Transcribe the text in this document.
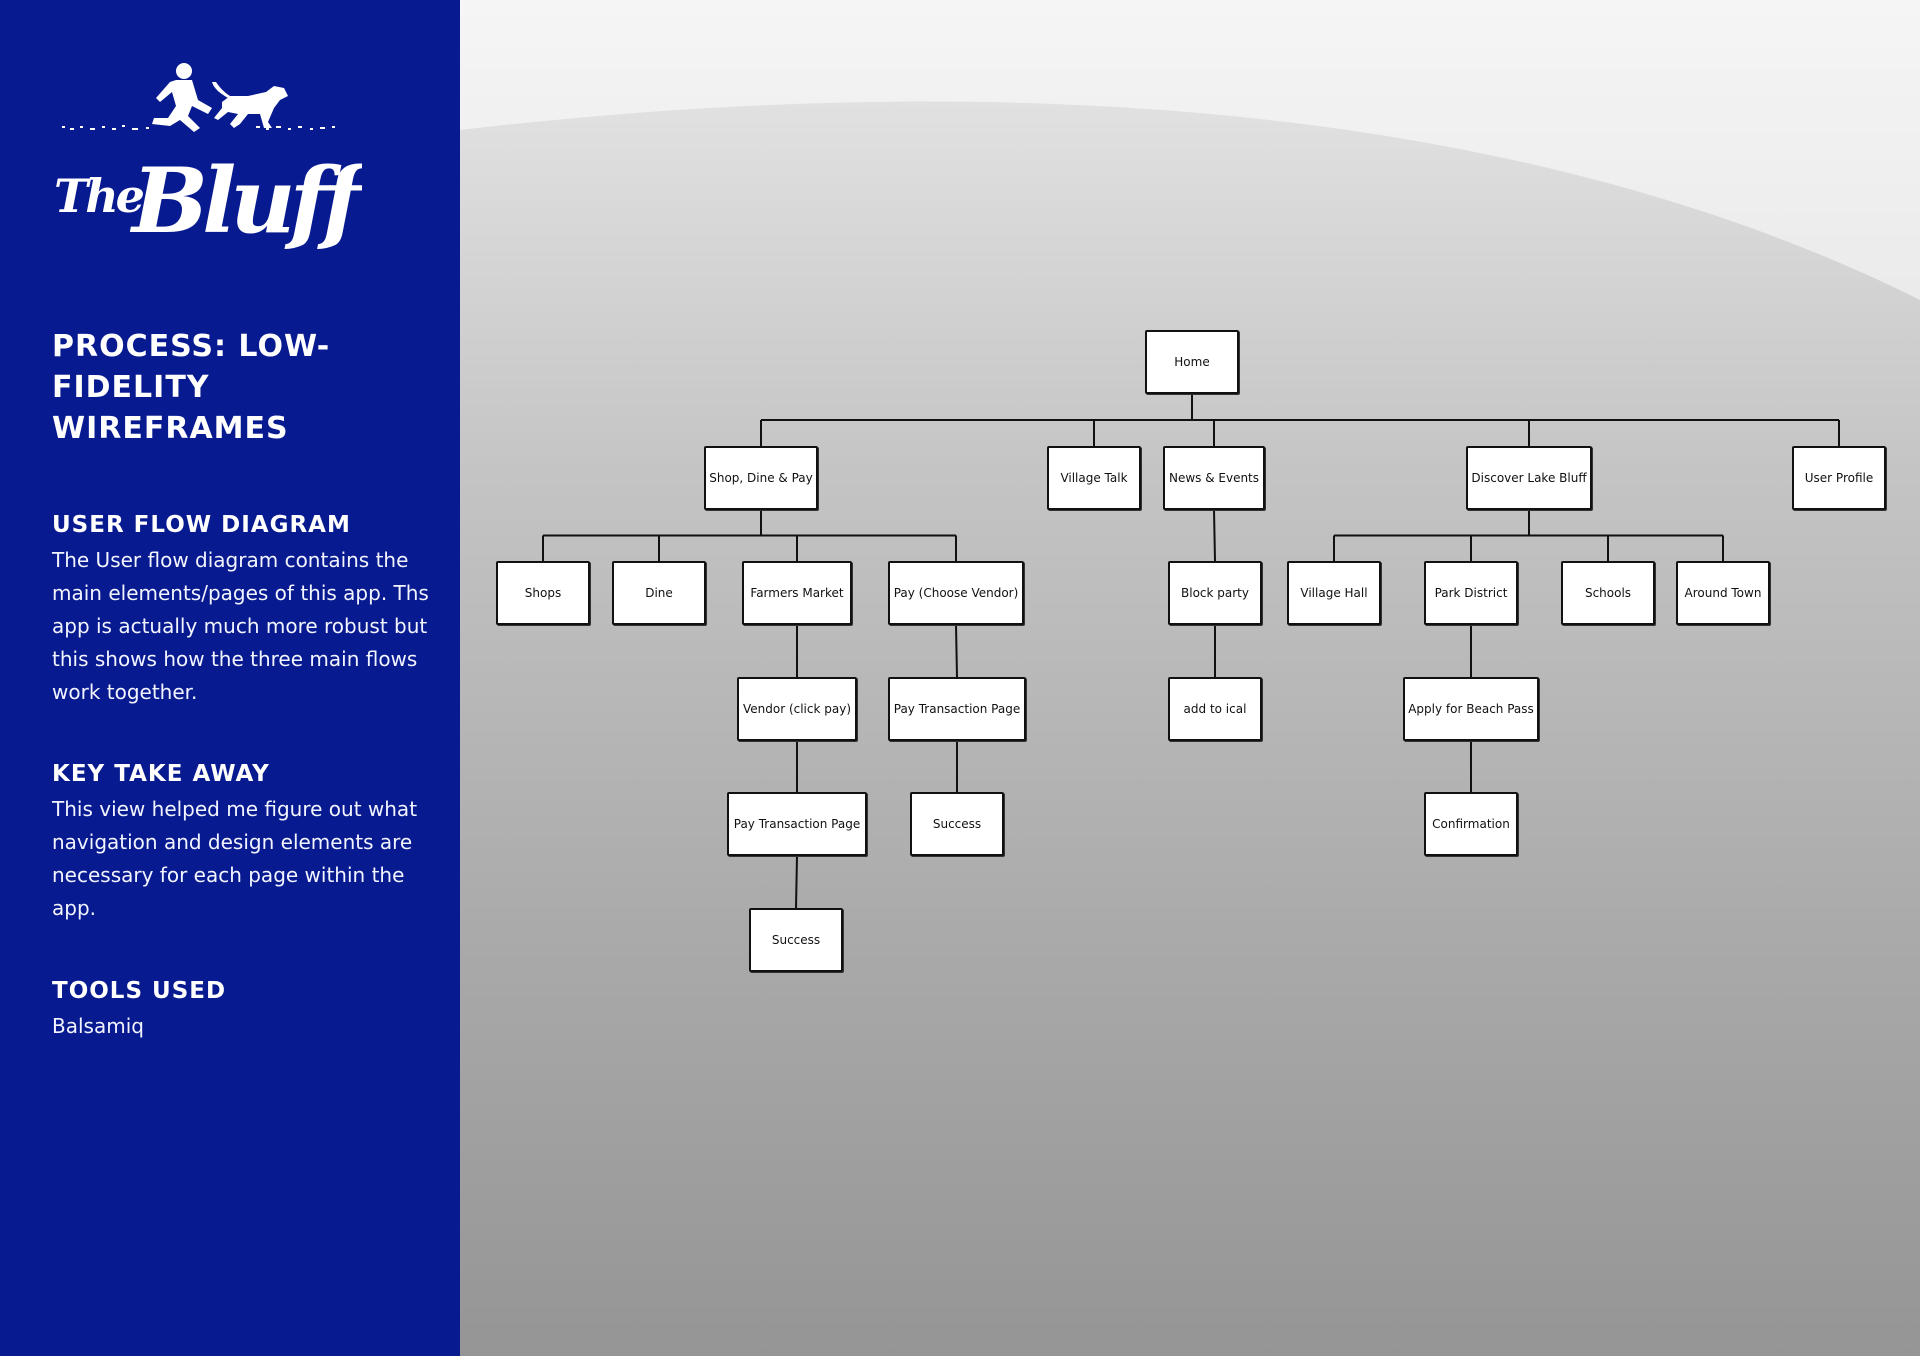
The
Bluff
PROCESS: LOW-FIDELITY WIREFRAMES
USER FLOW DIAGRAM

The User flow diagram contains the main elements/pages of this app. Ths app is actually much more robust but this shows how the three main flows work together.

KEY TAKE AWAY

This view helped me figure out what navigation and design elements are necessary for each page within the app.

TOOLS USED

Balsamiq

Home
Shop, Dine & Pay	Village Talk	News & Events	Discover Lake Bluff	User Profile
Shops	Dine	Farmers Market	Pay (Choose Vendor)	Block party	Village Hall	Park District	Schools	Around Town
Vendor (click pay)	Pay Transaction Page	add to ical	Apply for Beach Pass
Pay Transaction Page	Success	Confirmation
Success
